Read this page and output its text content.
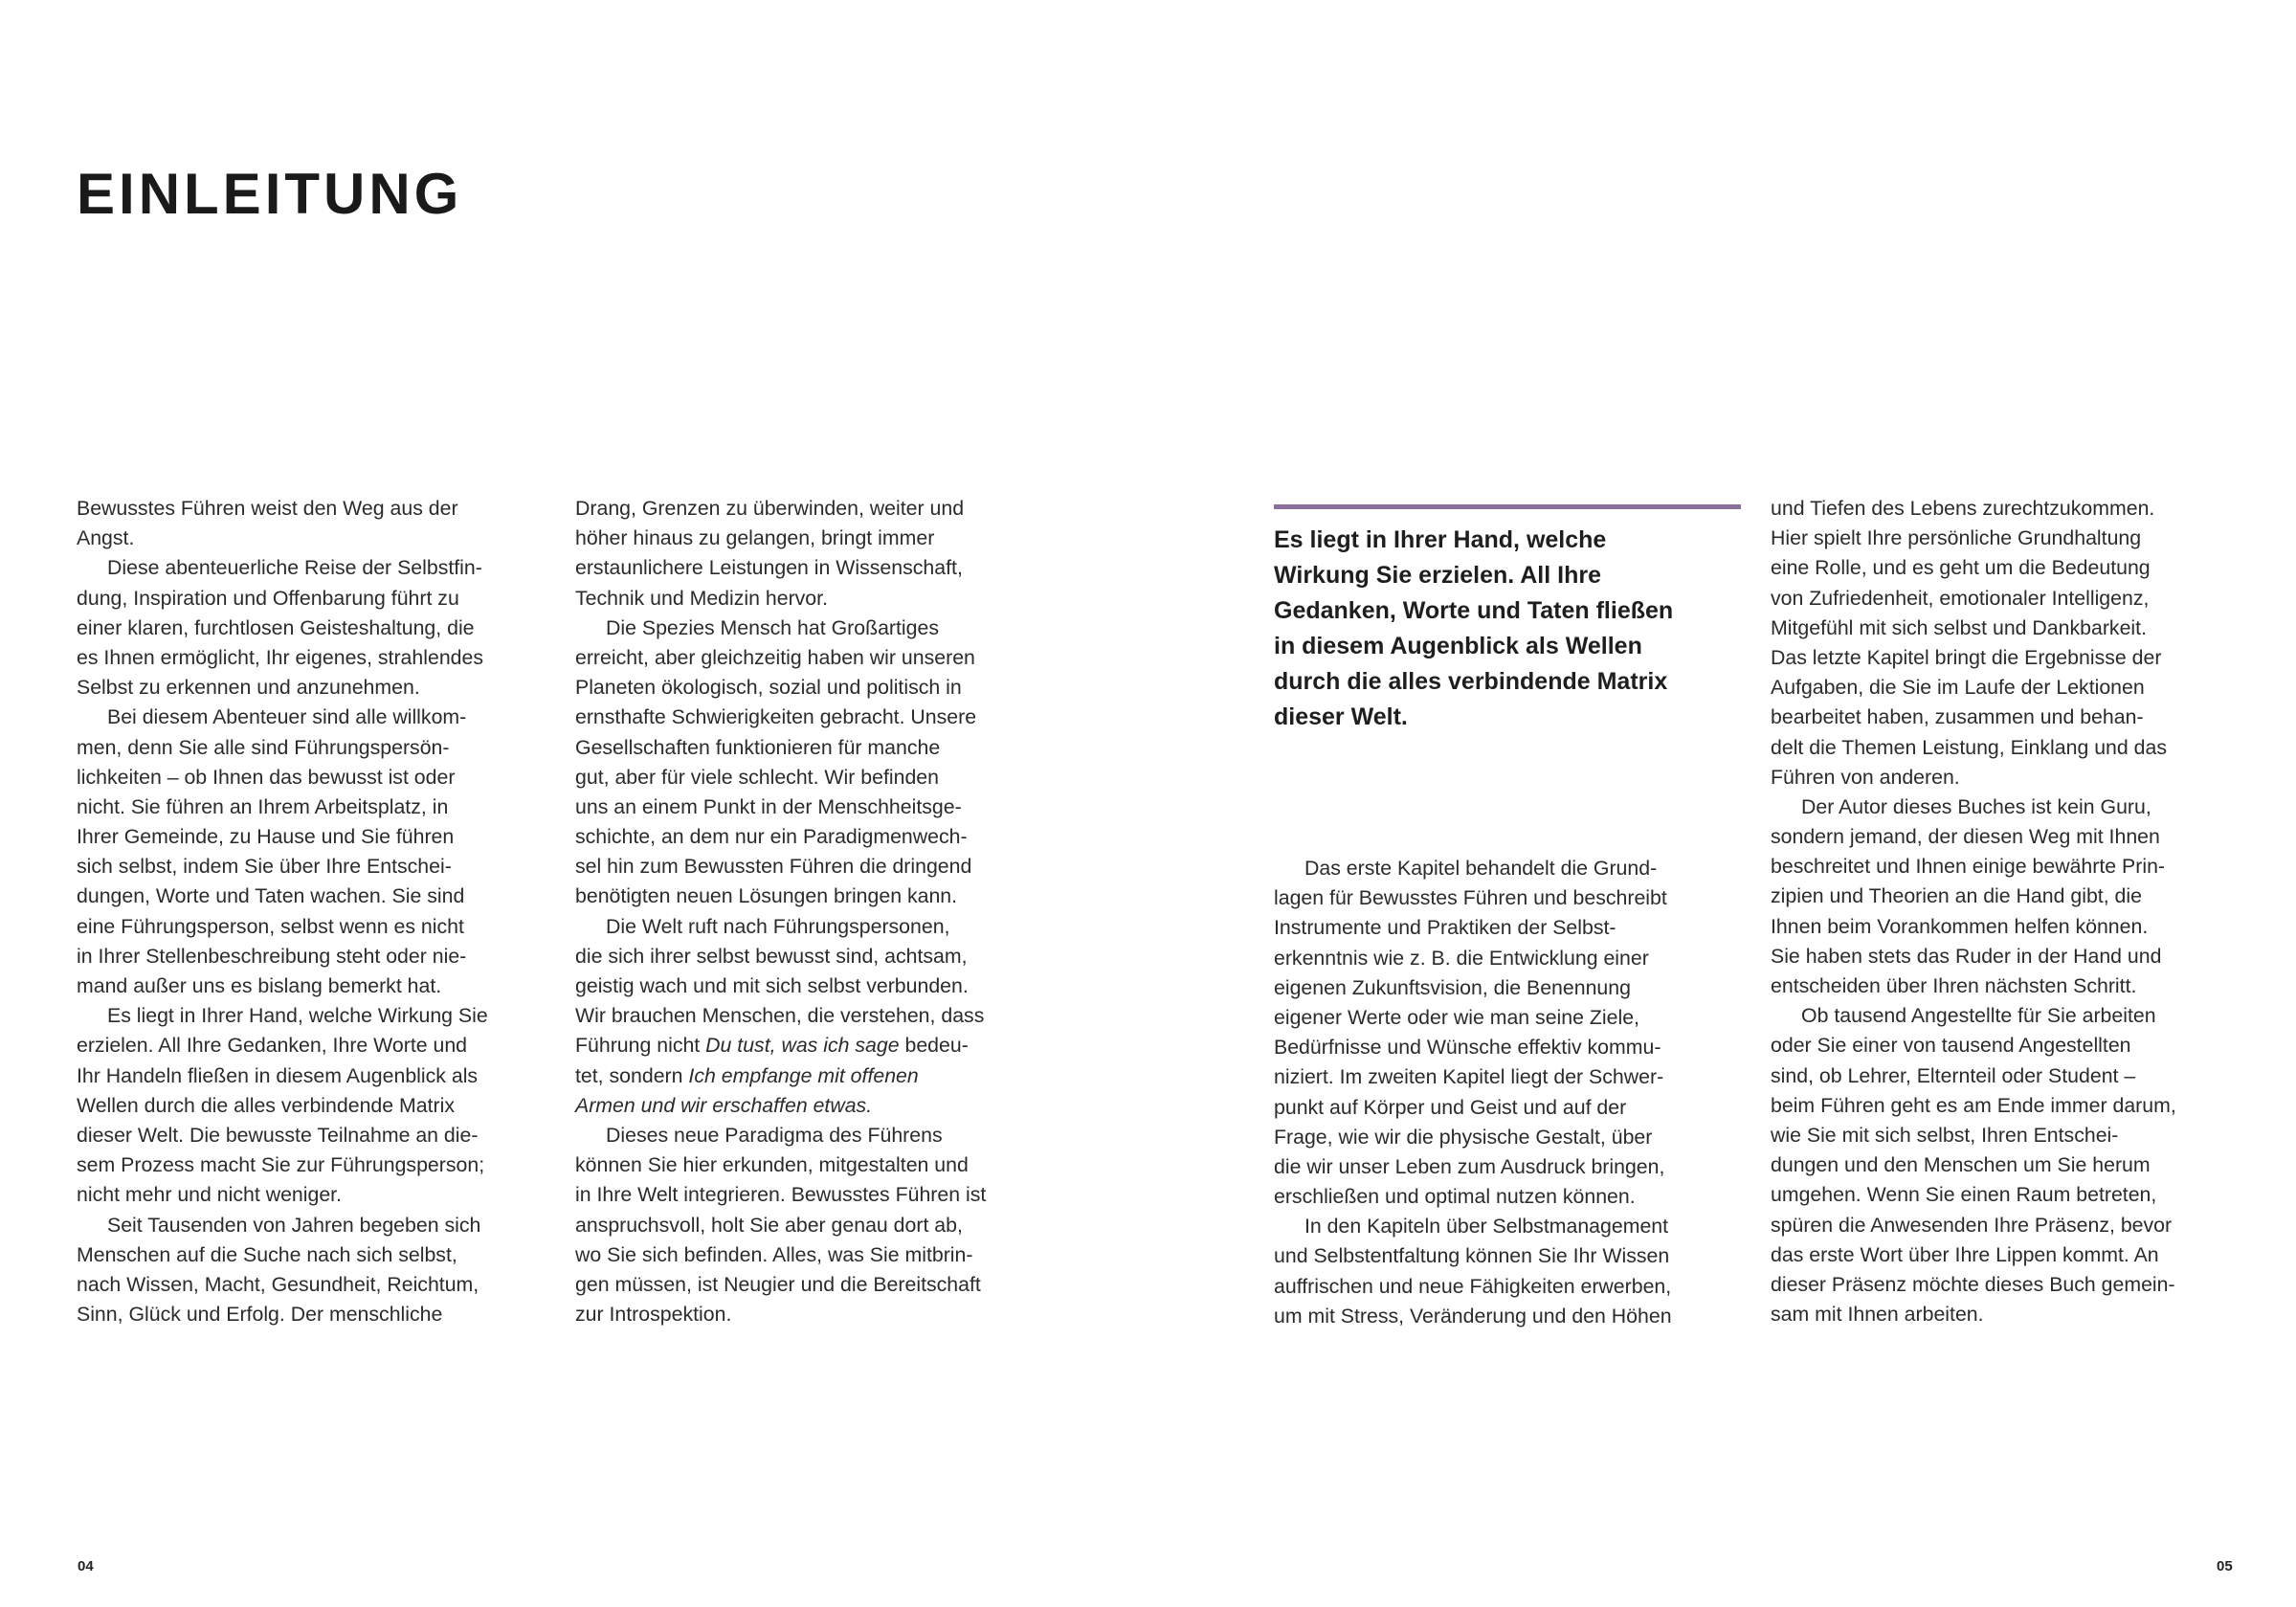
EINLEITUNG
Bewusstes Führen weist den Weg aus der
Angst.
Diese abenteuerliche Reise der Selbstfin-
dung, Inspiration und Offenbarung führt zu
einer klaren, furchtlosen Geisteshaltung, die
es Ihnen ermöglicht, Ihr eigenes, strahlendes
Selbst zu erkennen und anzunehmen.
Bei diesem Abenteuer sind alle willkom-
men, denn Sie alle sind Führungspersön-
lichkeiten – ob Ihnen das bewusst ist oder
nicht. Sie führen an Ihrem Arbeitsplatz, in
Ihrer Gemeinde, zu Hause und Sie führen
sich selbst, indem Sie über Ihre Entschei-
dungen, Worte und Taten wachen. Sie sind
eine Führungsperson, selbst wenn es nicht
in Ihrer Stellenbeschreibung steht oder nie-
mand außer uns es bislang bemerkt hat.
Es liegt in Ihrer Hand, welche Wirkung Sie
erzielen. All Ihre Gedanken, Ihre Worte und
Ihr Handeln fließen in diesem Augenblick als
Wellen durch die alles verbindende Matrix
dieser Welt. Die bewusste Teilnahme an die-
sem Prozess macht Sie zur Führungsperson;
nicht mehr und nicht weniger.
Seit Tausenden von Jahren begeben sich
Menschen auf die Suche nach sich selbst,
nach Wissen, Macht, Gesundheit, Reichtum,
Sinn, Glück und Erfolg. Der menschliche
Drang, Grenzen zu überwinden, weiter und
höher hinaus zu gelangen, bringt immer
erstaunlichere Leistungen in Wissenschaft,
Technik und Medizin hervor.
Die Spezies Mensch hat Großartiges
erreicht, aber gleichzeitig haben wir unseren
Planeten ökologisch, sozial und politisch in
ernsthafte Schwierigkeiten gebracht. Unsere
Gesellschaften funktionieren für manche
gut, aber für viele schlecht. Wir befinden
uns an einem Punkt in der Menschheitsge-
schichte, an dem nur ein Paradigmenwech-
sel hin zum Bewussten Führen die dringend
benötigten neuen Lösungen bringen kann.
Die Welt ruft nach Führungspersonen,
die sich ihrer selbst bewusst sind, achtsam,
geistig wach und mit sich selbst verbunden.
Wir brauchen Menschen, die verstehen, dass
Führung nicht Du tust, was ich sage bedeu-
tet, sondern Ich empfange mit offenen
Armen und wir erschaffen etwas.
Dieses neue Paradigma des Führens
können Sie hier erkunden, mitgestalten und
in Ihre Welt integrieren. Bewusstes Führen ist
anspruchsvoll, holt Sie aber genau dort ab,
wo Sie sich befinden. Alles, was Sie mitbrin-
gen müssen, ist Neugier und die Bereitschaft
zur Introspektion.
Es liegt in Ihrer Hand, welche
Wirkung Sie erzielen. All Ihre
Gedanken, Worte und Taten fließen
in diesem Augenblick als Wellen
durch die alles verbindende Matrix
dieser Welt.
Das erste Kapitel behandelt die Grund-
lagen für Bewusstes Führen und beschreibt
Instrumente und Praktiken der Selbst-
erkenntnis wie z. B. die Entwicklung einer
eigenen Zukunftsvision, die Benennung
eigener Werte oder wie man seine Ziele,
Bedürfnisse und Wünsche effektiv kommu-
niziert. Im zweiten Kapitel liegt der Schwer-
punkt auf Körper und Geist und auf der
Frage, wie wir die physische Gestalt, über
die wir unser Leben zum Ausdruck bringen,
erschließen und optimal nutzen können.
In den Kapiteln über Selbstmanagement
und Selbstentfaltung können Sie Ihr Wissen
auffrischen und neue Fähigkeiten erwerben,
um mit Stress, Veränderung und den Höhen
und Tiefen des Lebens zurechtzukommen.
Hier spielt Ihre persönliche Grundhaltung
eine Rolle, und es geht um die Bedeutung
von Zufriedenheit, emotionaler Intelligenz,
Mitgefühl mit sich selbst und Dankbarkeit.
Das letzte Kapitel bringt die Ergebnisse der
Aufgaben, die Sie im Laufe der Lektionen
bearbeitet haben, zusammen und behan-
delt die Themen Leistung, Einklang und das
Führen von anderen.
Der Autor dieses Buches ist kein Guru,
sondern jemand, der diesen Weg mit Ihnen
beschreitet und Ihnen einige bewährte Prin-
zipien und Theorien an die Hand gibt, die
Ihnen beim Vorankommen helfen können.
Sie haben stets das Ruder in der Hand und
entscheiden über Ihren nächsten Schritt.
Ob tausend Angestellte für Sie arbeiten
oder Sie einer von tausend Angestellten
sind, ob Lehrer, Elternteil oder Student –
beim Führen geht es am Ende immer darum,
wie Sie mit sich selbst, Ihren Entschei-
dungen und den Menschen um Sie herum
umgehen. Wenn Sie einen Raum betreten,
spüren die Anwesenden Ihre Präsenz, bevor
das erste Wort über Ihre Lippen kommt. An
dieser Präsenz möchte dieses Buch gemein-
sam mit Ihnen arbeiten.
04	05
